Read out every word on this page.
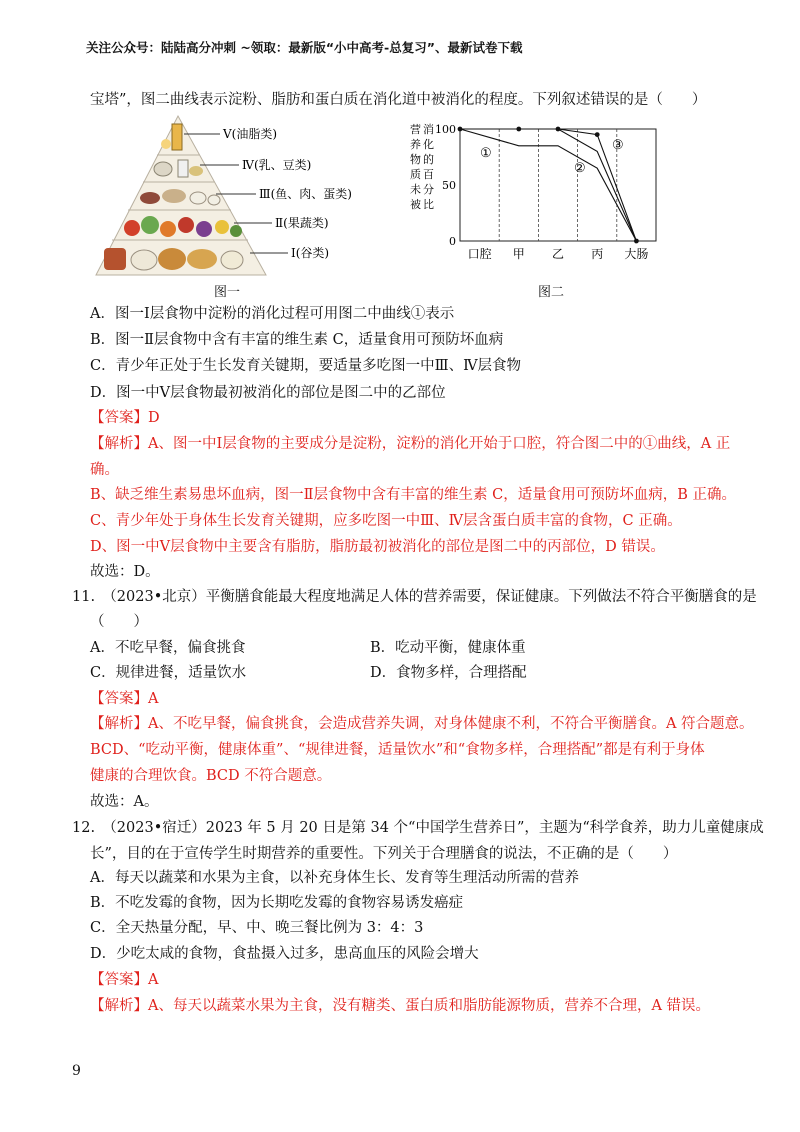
关注公众号：陆陆高分冲刺 ~领取：最新版“小中高考-总复习”、最新试卷下载
宝塔”，图二曲线表示淀粉、脂肪和蛋白质在消化道中被消化的程度。下列叙述错误的是（　　）
Ⅴ(油脂类)
Ⅳ(乳、豆类)
Ⅲ(鱼、肉、蛋类)
Ⅱ(果蔬类)
Ⅰ(谷类)
图一
营
养
物
质
未
被
消
化
的
百
分
比
100
50
0
口腔 甲 乙 丙 大肠
①
②
③
图二
A．图一Ⅰ层食物中淀粉的消化过程可用图二中曲线①表示
B．图一Ⅱ层食物中含有丰富的维生素 C，适量食用可预防坏血病
C．青少年正处于生长发育关键期，要适量多吃图一中Ⅲ、Ⅳ层食物
D．图一中Ⅴ层食物最初被消化的部位是图二中的乙部位
【答案】D
【解析】A、图一中Ⅰ层食物的主要成分是淀粉，淀粉的消化开始于口腔，符合图二中的①曲线，A 正
确。
B、缺乏维生素易患坏血病，图一Ⅱ层食物中含有丰富的维生素 C，适量食用可预防坏血病，B 正确。
C、青少年处于身体生长发育关键期，应多吃图一中Ⅲ、Ⅳ层含蛋白质丰富的食物，C 正确。
D、图一中Ⅴ层食物中主要含有脂肪，脂肪最初被消化的部位是图二中的丙部位，D 错误。
故选：D。
11.　（2023•北京）平衡膳食能最大程度地满足人体的营养需要，保证健康。下列做法不符合平衡膳食的是
（　　）
A．不吃早餐，偏食挑食	B．吃动平衡，健康体重
C．规律进餐，适量饮水	D．食物多样，合理搭配
【答案】A
【解析】A、不吃早餐，偏食挑食，会造成营养失调，对身体健康不利，不符合平衡膳食。A 符合题意。
BCD、“吃动平衡，健康体重”、“规律进餐，适量饮水”和“食物多样，合理搭配”都是有利于身体
健康的合理饮食。BCD 不符合题意。
故选：A。
12.　（2023•宿迁）2023 年 5 月 20 日是第 34 个“中国学生营养日”，主题为“科学食养，助力儿童健康成
长”，目的在于宣传学生时期营养的重要性。下列关于合理膳食的说法，不正确的是（　　）
A．每天以蔬菜和水果为主食，以补充身体生长、发育等生理活动所需的营养
B．不吃发霉的食物，因为长期吃发霉的食物容易诱发癌症
C．全天热量分配，早、中、晚三餐比例为 3：4：3
D．少吃太咸的食物，食盐摄入过多，患高血压的风险会增大
【答案】A
【解析】A、每天以蔬菜水果为主食，没有糖类、蛋白质和脂肪能源物质，营养不合理，A 错误。
9
